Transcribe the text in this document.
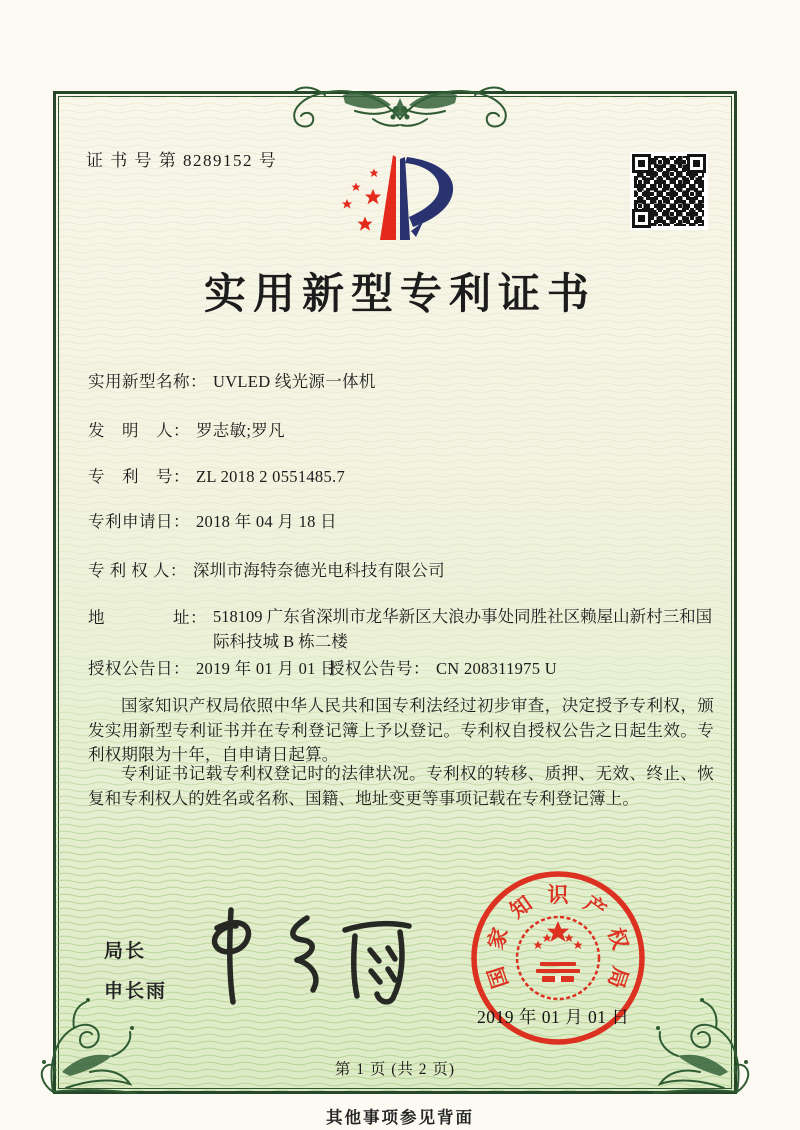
证 书 号 第 8289152 号
实用新型专利证书
实用新型名称： UVLED 线光源一体机
发　明　人： 罗志敏;罗凡
专　利　号： ZL 2018 2 0551485.7
专利申请日： 2018 年 04 月 18 日
专 利 权 人： 深圳市海特奈德光电科技有限公司
地　　　　址： 518109 广东省深圳市龙华新区大浪办事处同胜社区赖屋山新村三和国际科技城 B 栋二楼
授权公告日： 2019 年 01 月 01 日
授权公告号： CN 208311975 U
国家知识产权局依照中华人民共和国专利法经过初步审查，决定授予专利权，颁发实用新型专利证书并在专利登记簿上予以登记。专利权自授权公告之日起生效。专利权期限为十年，自申请日起算。
专利证书记载专利权登记时的法律状况。专利权的转移、质押、无效、终止、恢复和专利权人的姓名或名称、国籍、地址变更等事项记载在专利登记簿上。
局长
申长雨
国
家
知 识 产
权
局
2019 年 01 月 01 日
第 1 页 (共 2 页)
其他事项参见背面
